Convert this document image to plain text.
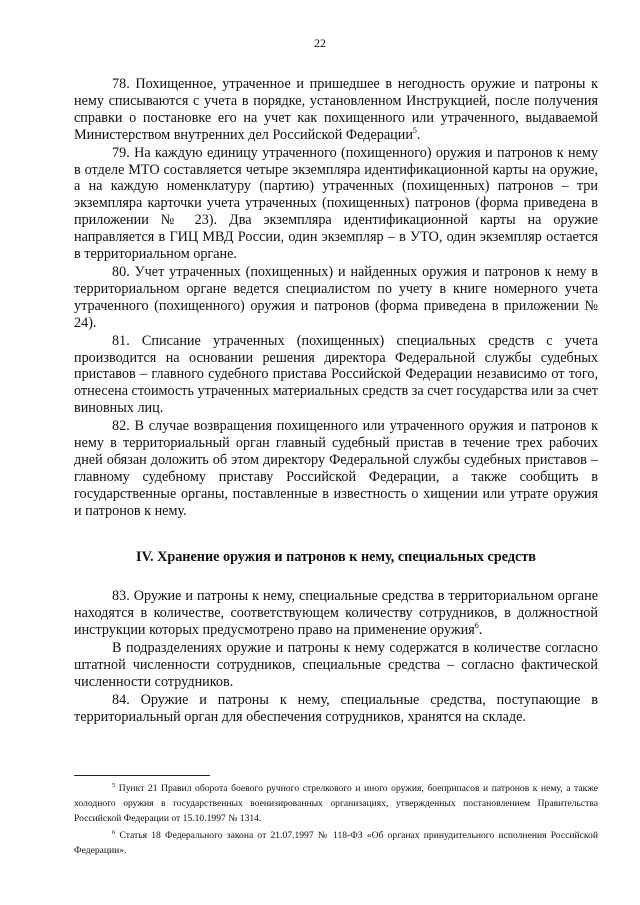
22

78. Похищенное, утраченное и пришедшее в негодность оружие и патроны к нему списываются с учета в порядке, установленном Инструкцией, после получения справки о постановке его на учет как похищенного или утраченного, выдаваемой Министерством внутренних дел Российской Федерации$^5$.

79. На каждую единицу утраченного (похищенного) оружия и патронов к нему в отделе МТО составляется четыре экземпляра идентификационной карты на оружие, а на каждую номенклатуру (партию) утраченных (похищенных) патронов – три экземпляра карточки учета утраченных (похищенных) патронов (форма приведена в приложении № 23). Два экземпляра идентификационной карты на оружие направляется в ГИЦ МВД России, один экземпляр – в УТО, один экземпляр остается в территориальном органе.

80. Учет утраченных (похищенных) и найденных оружия и патронов к нему в территориальном органе ведется специалистом по учету в книге номерного учета утраченного (похищенного) оружия и патронов (форма приведена в приложении № 24).

81. Списание утраченных (похищенных) специальных средств с учета производится на основании решения директора Федеральной службы судебных приставов – главного судебного пристава Российской Федерации независимо от того, отнесена стоимость утраченных материальных средств за счет государства или за счет виновных лиц.

82. В случае возвращения похищенного или утраченного оружия и патронов к нему в территориальный орган главный судебный пристав в течение трех рабочих дней обязан доложить об этом директору Федеральной службы судебных приставов – главному судебному приставу Российской Федерации, а также сообщить в государственные органы, поставленные в известность о хищении или утрате оружия и патронов к нему.

IV. Хранение оружия и патронов к нему, специальных средств

83. Оружие и патроны к нему, специальные средства в территориальном органе находятся в количестве, соответствующем количеству сотрудников, в должностной инструкции которых предусмотрено право на применение оружия$^6$.

В подразделениях оружие и патроны к нему содержатся в количестве согласно штатной численности сотрудников, специальные средства – согласно фактической численности сотрудников.

84. Оружие и патроны к нему, специальные средства, поступающие в территориальный орган для обеспечения сотрудников, хранятся на складе.

$^5$ Пункт 21 Правил оборота боевого ручного стрелкового и иного оружия, боеприпасов и патронов к нему, а также холодного оружия в государственных военизированных организациях, утвержденных постановлением Правительства Российской Федерации от 15.10.1997 № 1314.

$^6$ Статья 18 Федерального закона от 21.07.1997 № 118-ФЗ «Об органах принудительного исполнения Российской Федерации».
